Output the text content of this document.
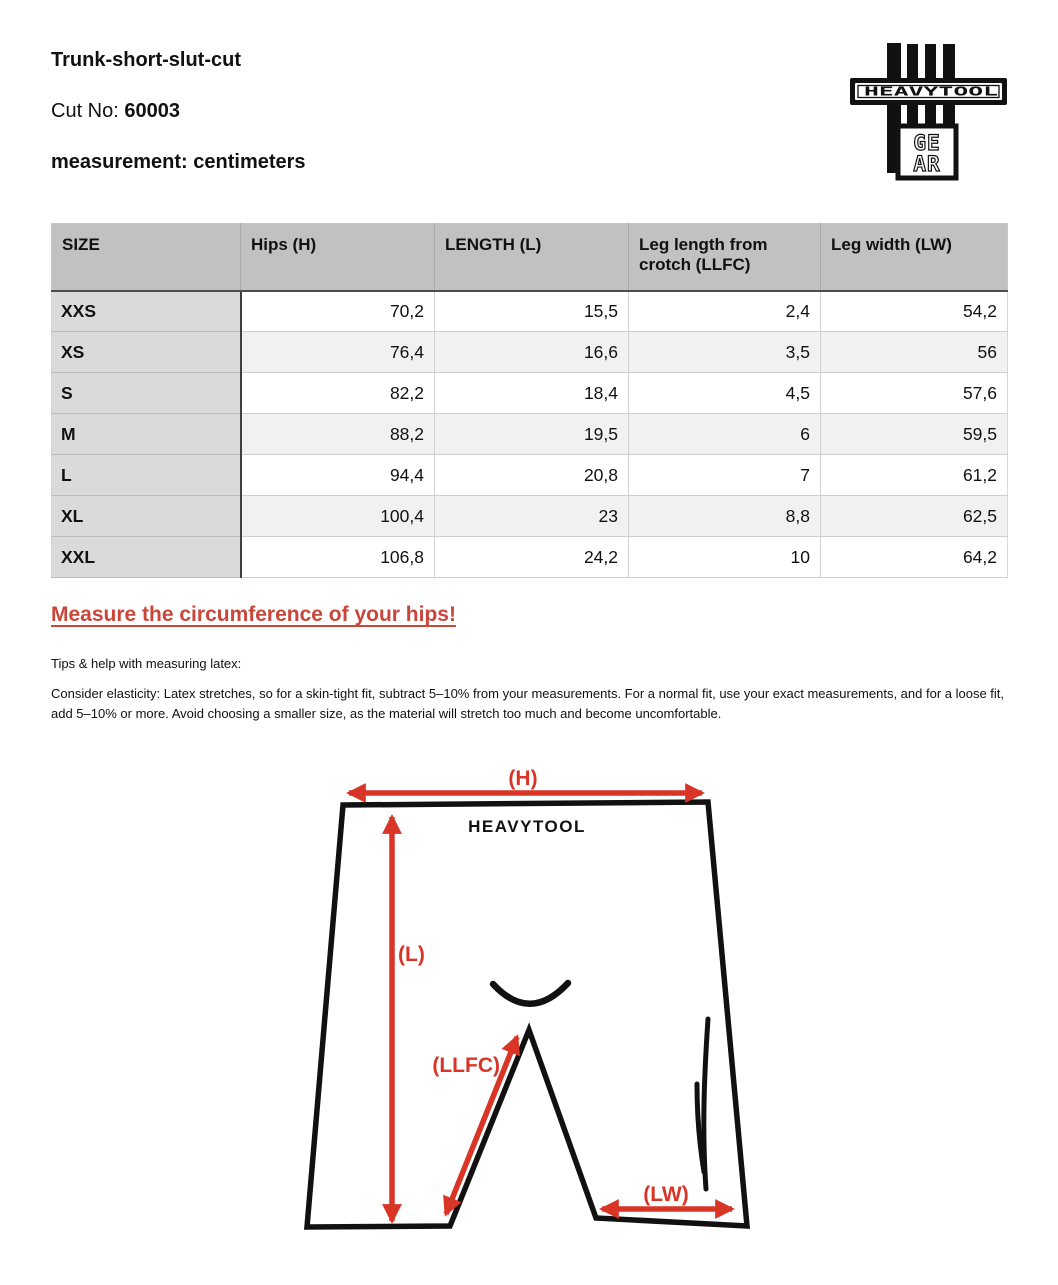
Trunk-short-slut-cut

Cut No: 60003

measurement: centimeters

HEAVYTOOL
GE
AR
SIZE	Hips (H)	LENGTH (L)	Leg length from crotch (LLFC)	Leg width (LW)
XXS	70,2	15,5	2,4	54,2
XS	76,4	16,6	3,5	56
S	82,2	18,4	4,5	57,6
M	88,2	19,5	6	59,5
L	94,4	20,8	7	61,2
XL	100,4	23	8,8	62,5
XXL	106,8	24,2	10	64,2
Measure the circumference of your hips!

Tips & help with measuring latex:

Consider elasticity: Latex stretches, so for a skin-tight fit, subtract 5–10% from your measurements. For a normal fit, use your exact measurements, and for a loose fit, add 5–10% or more. Avoid choosing a smaller size, as the material will stretch too much and become uncomfortable.

HEAVYTOOL
(H)
(L)
(LLFC)
(LW)
